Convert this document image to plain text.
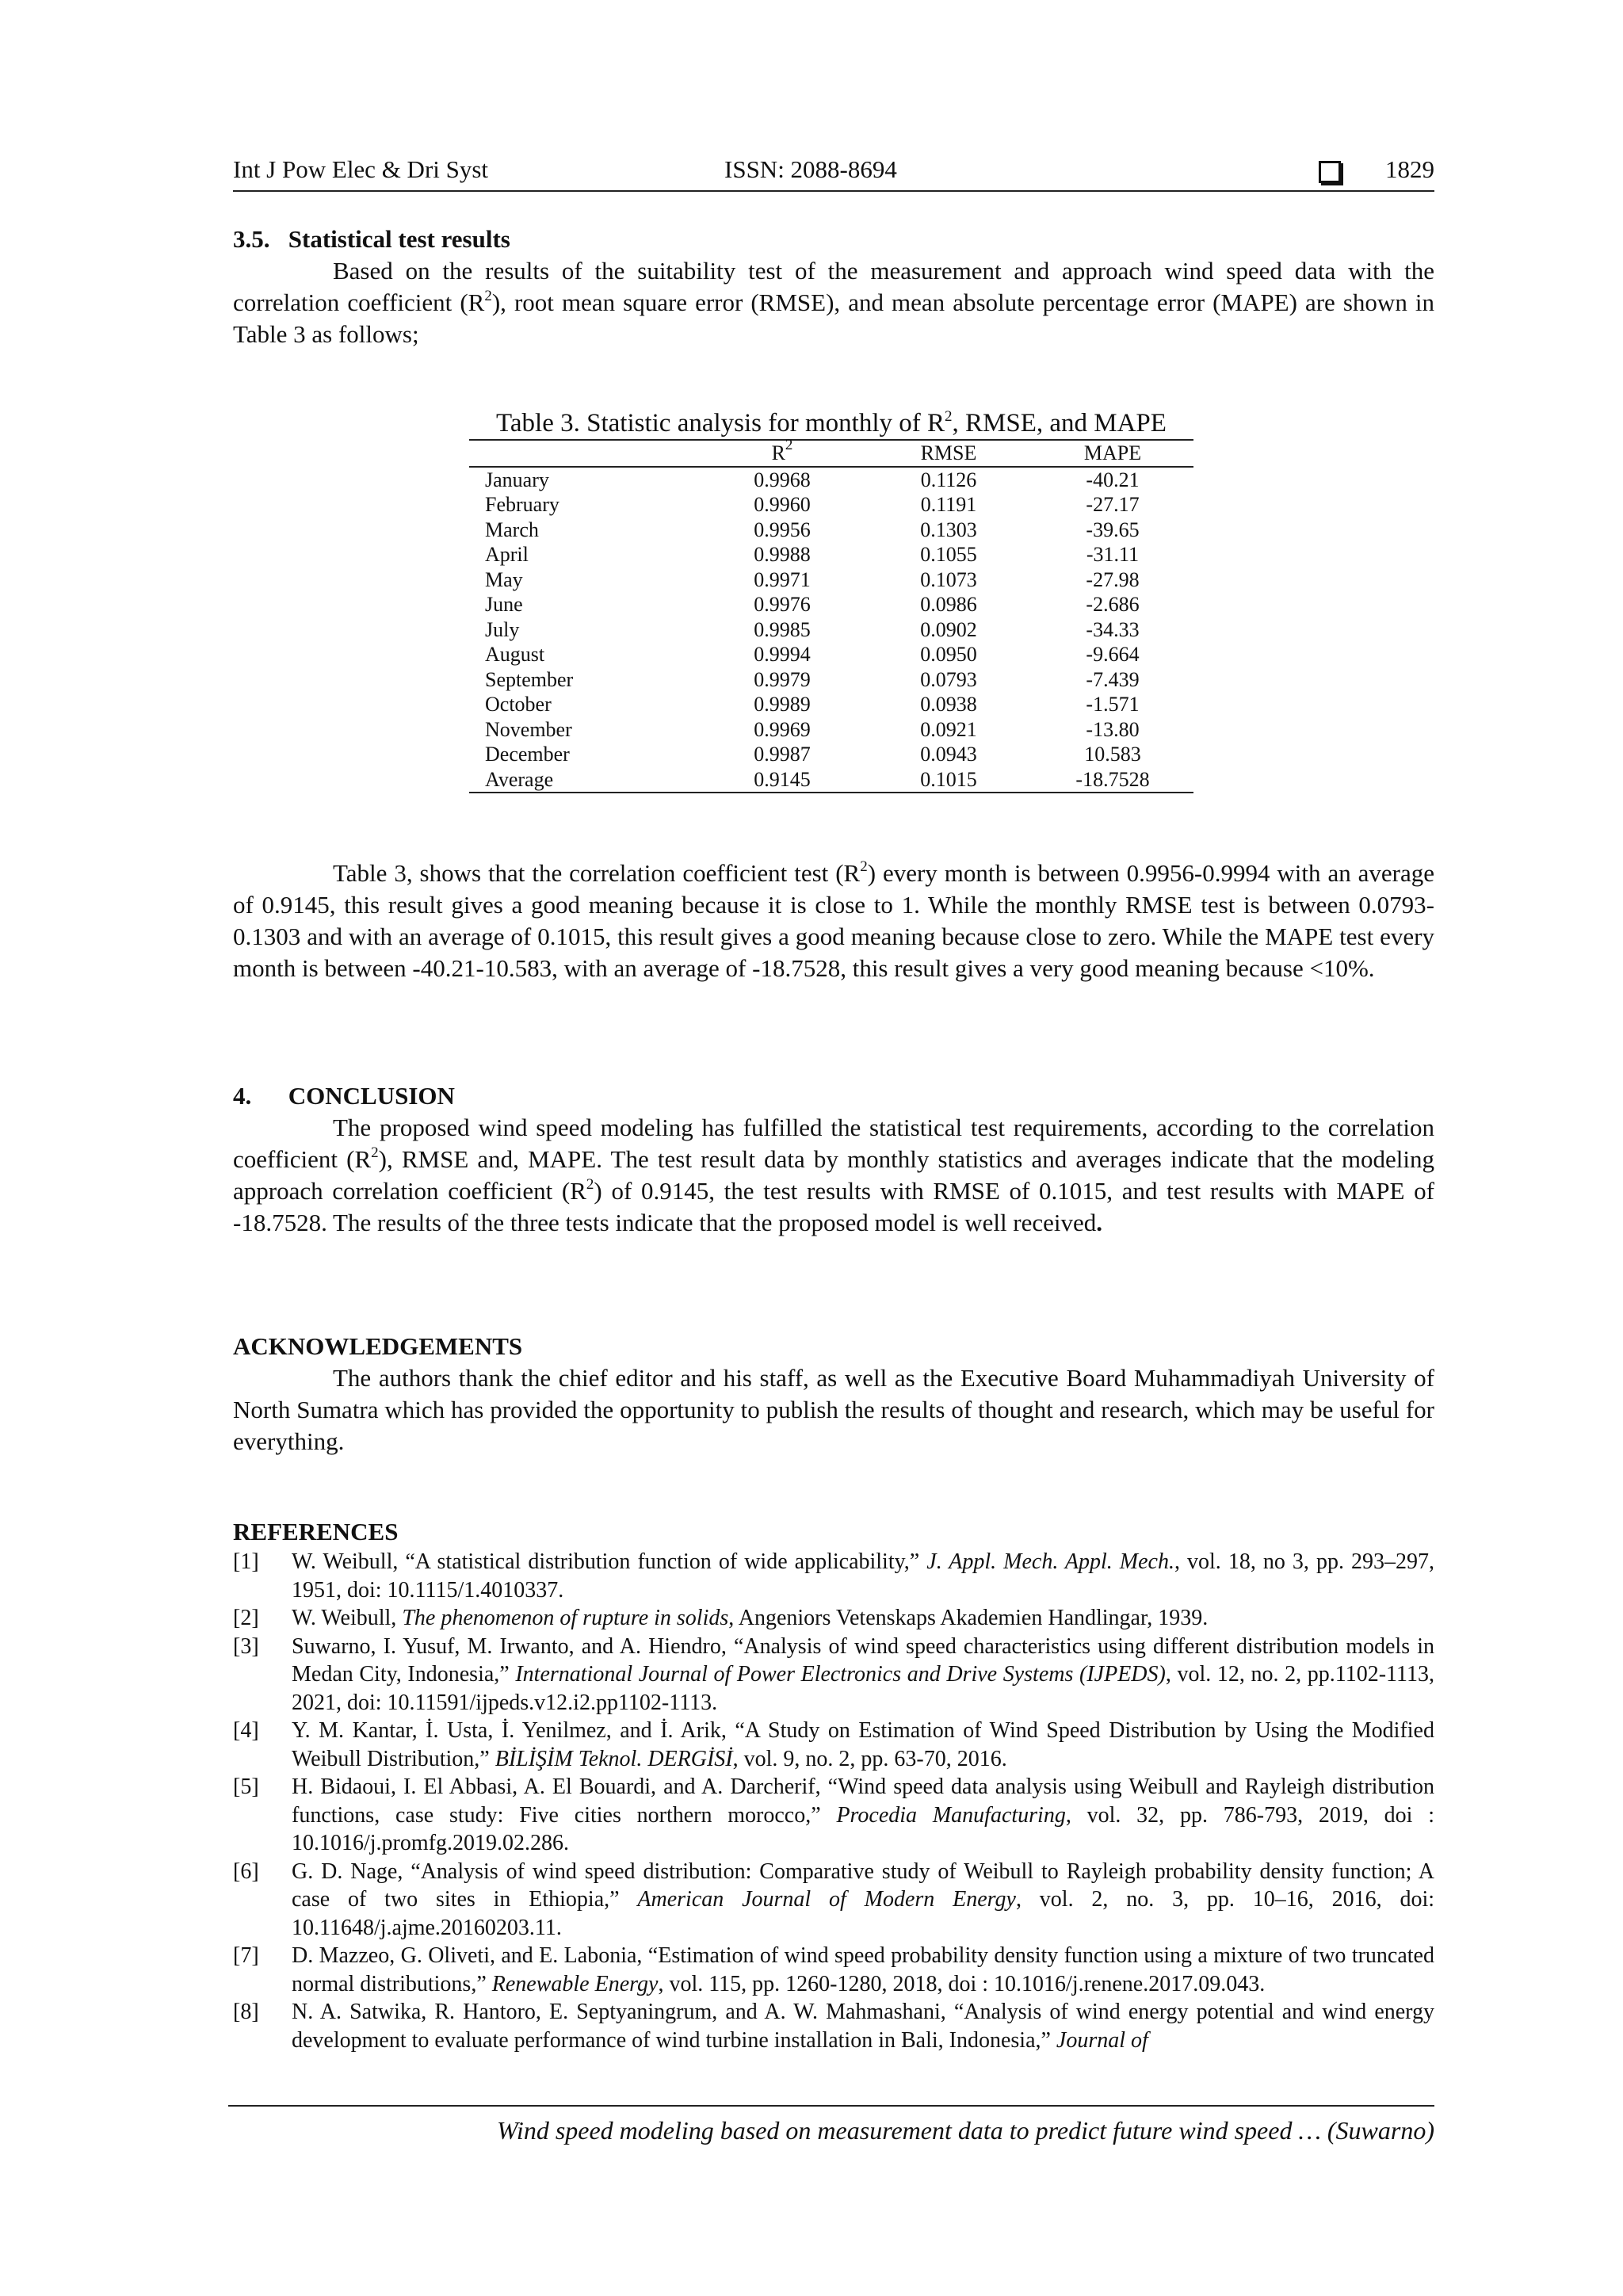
Int J Pow Elec & Dri Syst	ISSN: 2088-8694	1829
3.5.   Statistical test results

Based on the results of the suitability test of the measurement and approach wind speed data with the correlation coefficient $(R^2)$, root mean square error (RMSE), and mean absolute percentage error (MAPE) are shown in Table 3 as follows;

Table 3. Statistic analysis for monthly of $R^2$, RMSE, and MAPE
	$R^2$	RMSE	MAPE
January	0.9968	0.1126	-40.21
February	0.9960	0.1191	-27.17
March	0.9956	0.1303	-39.65
April	0.9988	0.1055	-31.11
May	0.9971	0.1073	-27.98
June	0.9976	0.0986	-2.686
July	0.9985	0.0902	-34.33
August	0.9994	0.0950	-9.664
September	0.9979	0.0793	-7.439
October	0.9989	0.0938	-1.571
November	0.9969	0.0921	-13.80
December	0.9987	0.0943	10.583
Average	0.9145	0.1015	-18.7528

Table 3, shows that the correlation coefficient test $(R^2)$ every month is between 0.9956-0.9994 with an average of 0.9145, this result gives a good meaning because it is close to 1. While the monthly RMSE test is between 0.0793-0.1303 and with an average of 0.1015, this result gives a good meaning because close to zero. While the MAPE test every month is between -40.21-10.583, with an average of -18.7528, this result gives a very good meaning because <10%.

4.      CONCLUSION

The proposed wind speed modeling has fulfilled the statistical test requirements, according to the correlation coefficient $(R^2)$, RMSE and, MAPE. The test result data by monthly statistics and averages indicate that the modeling approach correlation coefficient $(R^2)$ of 0.9145, the test results with RMSE of 0.1015, and test results with MAPE of -18.7528. The results of the three tests indicate that the proposed model is well received.

ACKNOWLEDGEMENTS

The authors thank the chief editor and his staff, as well as the Executive Board Muhammadiyah University of North Sumatra which has provided the opportunity to publish the results of thought and research, which may be useful for everything.

REFERENCES
[1] W. Weibull, “A statistical distribution function of wide applicability,” J. Appl. Mech. Appl. Mech., vol. 18, no 3, pp. 293–297, 1951, doi: 10.1115/1.4010337.
[2] W. Weibull, The phenomenon of rupture in solids, Angeniors Vetenskaps Akademien Handlingar, 1939.
[3] Suwarno, I. Yusuf, M. Irwanto, and A. Hiendro, “Analysis of wind speed characteristics using different distribution models in Medan City, Indonesia,” International Journal of Power Electronics and Drive Systems (IJPEDS), vol. 12, no. 2, pp.1102-1113, 2021, doi: 10.11591/ijpeds.v12.i2.pp1102-1113.
[4] Y. M. Kantar, İ. Usta, İ. Yenilmez, and İ. Arik, “A Study on Estimation of Wind Speed Distribution by Using the Modified Weibull Distribution,” BİLİŞİM Teknol. DERGİSİ, vol. 9, no. 2, pp. 63-70, 2016.
[5] H. Bidaoui, I. El Abbasi, A. El Bouardi, and A. Darcherif, “Wind speed data analysis using Weibull and Rayleigh distribution functions, case study: Five cities northern morocco,” Procedia Manufacturing, vol. 32, pp. 786-793, 2019, doi : 10.1016/j.promfg.2019.02.286.
[6] G. D. Nage, “Analysis of wind speed distribution: Comparative study of Weibull to Rayleigh probability density function; A case of two sites in Ethiopia,” American Journal of Modern Energy, vol. 2, no. 3, pp. 10–16, 2016, doi: 10.11648/j.ajme.20160203.11.
[7] D. Mazzeo, G. Oliveti, and E. Labonia, “Estimation of wind speed probability density function using a mixture of two truncated normal distributions,” Renewable Energy, vol. 115, pp. 1260-1280, 2018, doi : 10.1016/j.renene.2017.09.043.
[8] N. A. Satwika, R. Hantoro, E. Septyaningrum, and A. W. Mahmashani, “Analysis of wind energy potential and wind energy development to evaluate performance of wind turbine installation in Bali, Indonesia,” Journal of
Wind speed modeling based on measurement data to predict future wind speed … (Suwarno)
